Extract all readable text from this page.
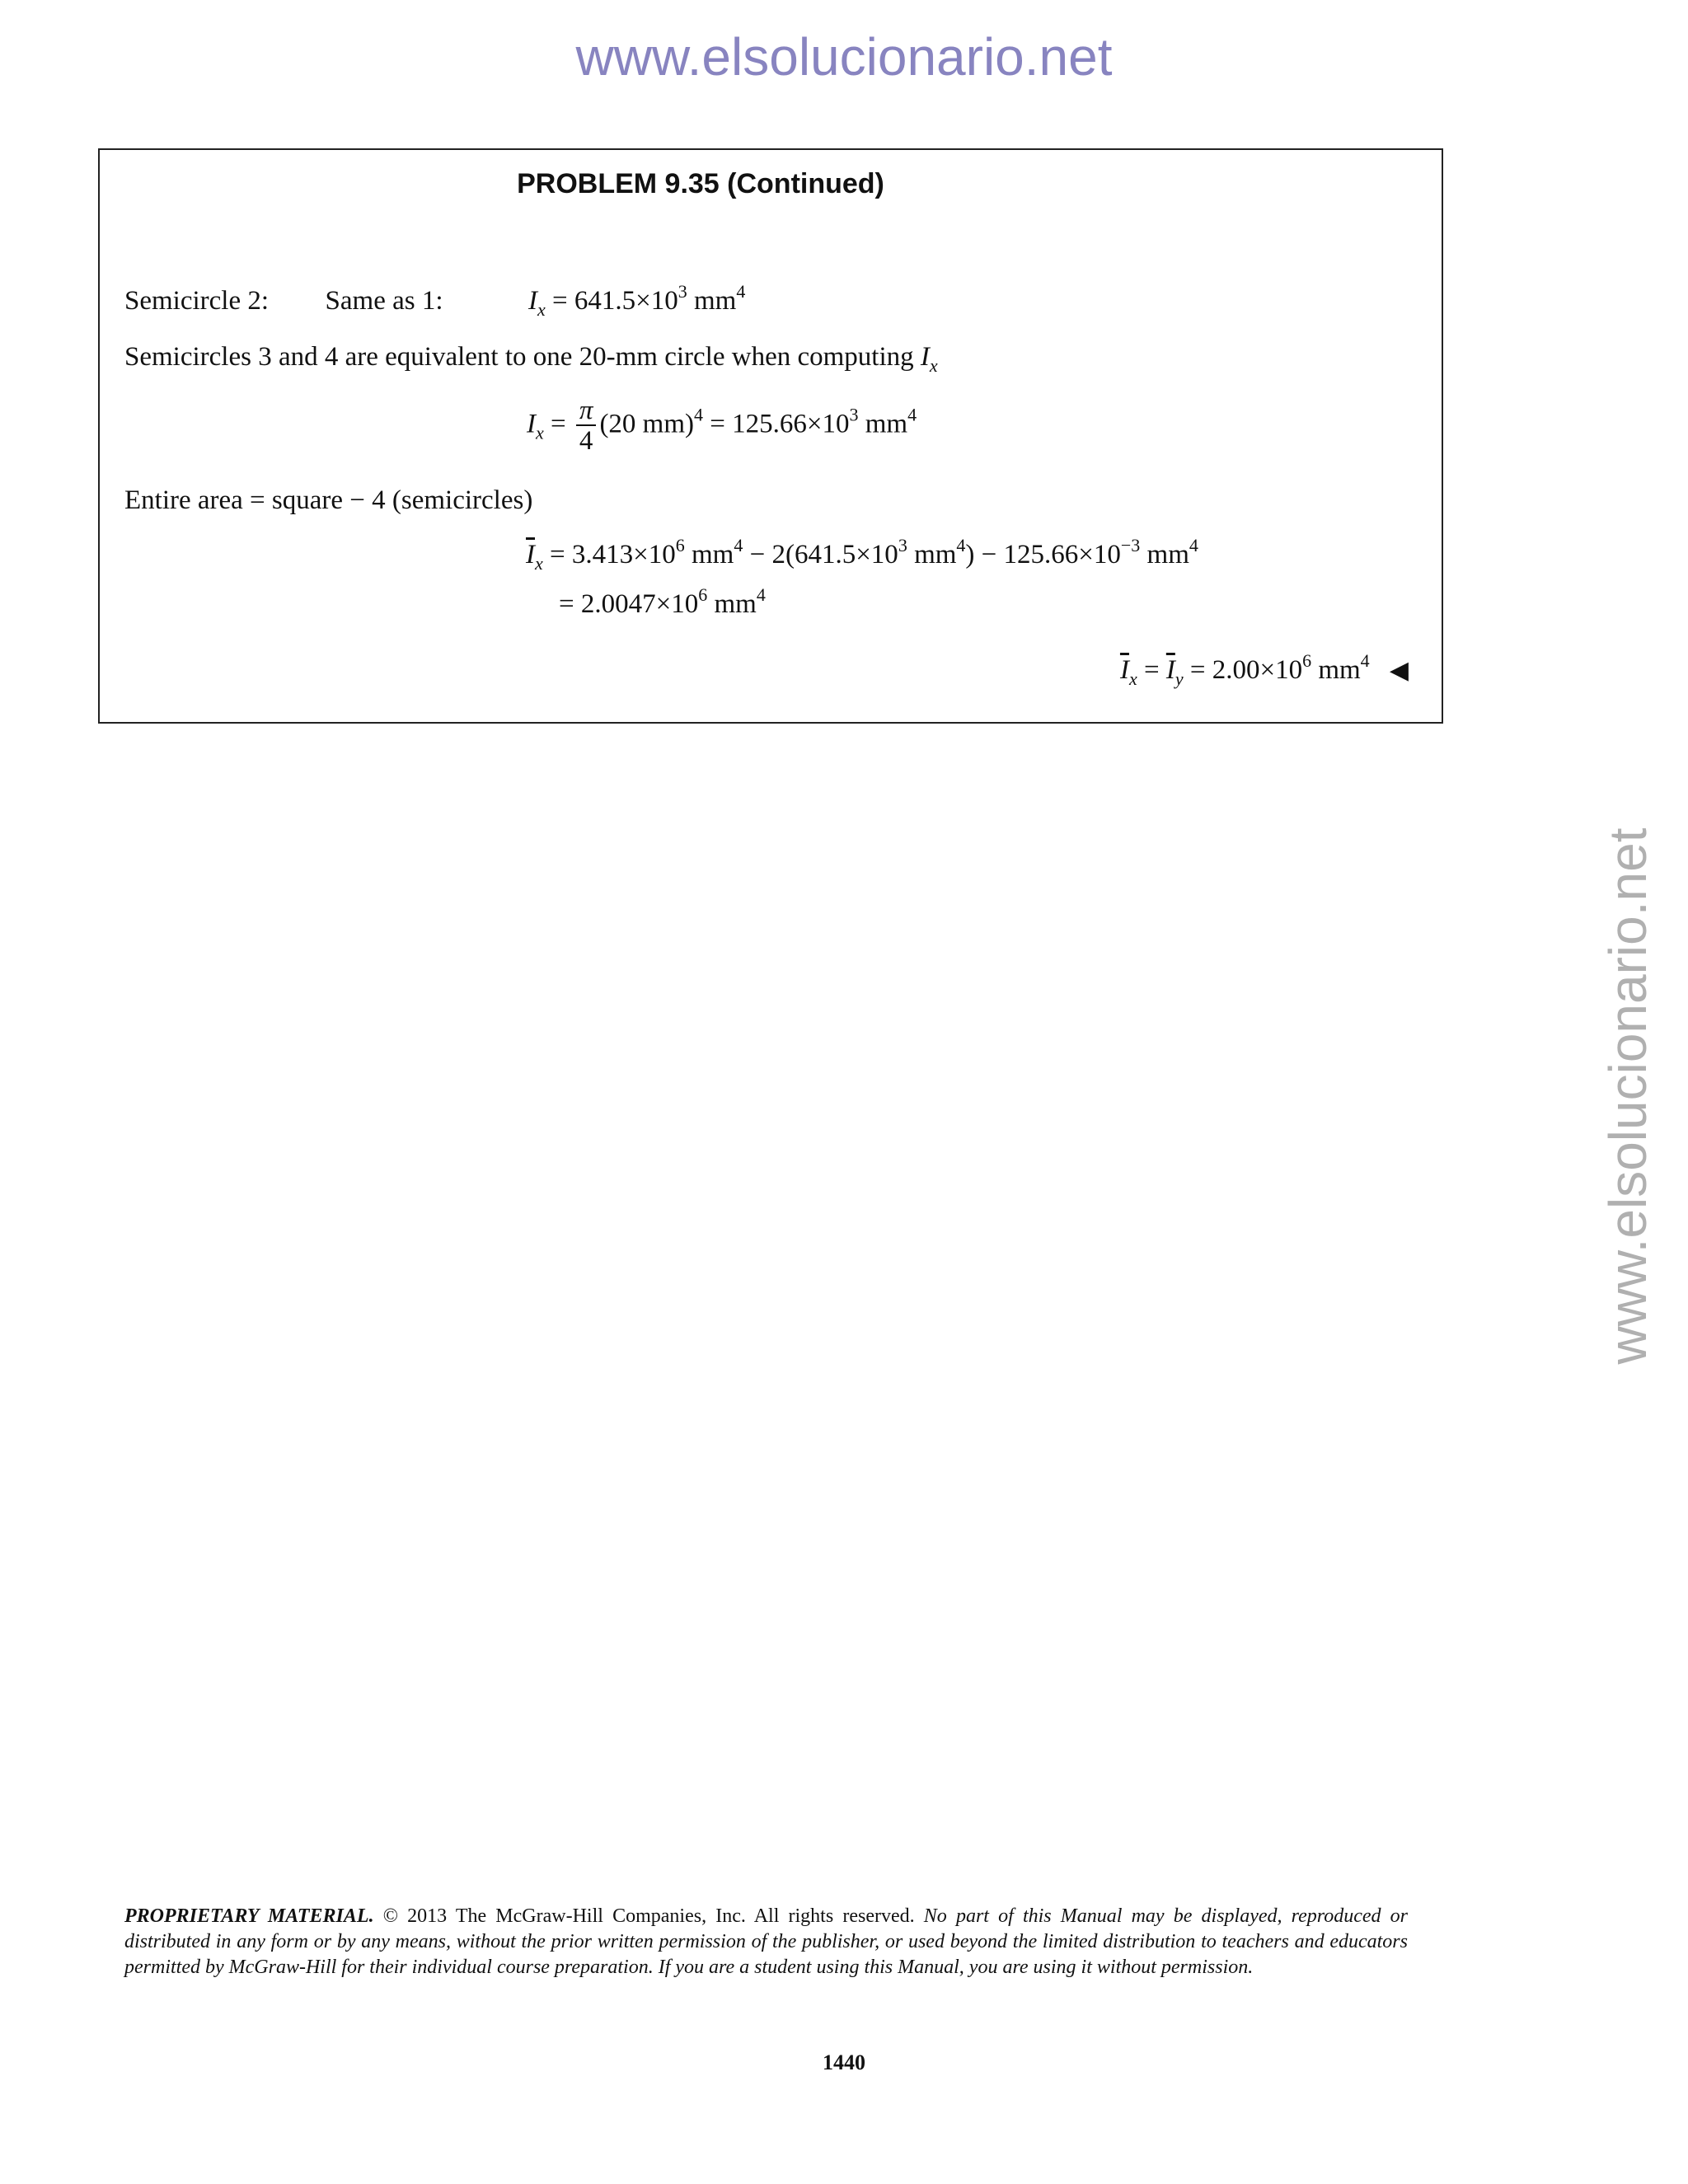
www.elsolucionario.net
www.elsolucionario.net
PROBLEM 9.35 (Continued)
Semicircle 2: Same as 1:	$I_x = 641.5\times 10^3$ $mm^4$
Semicircles 3 and 4 are equivalent to one 20-mm circle when computing $I_x$
$I_x = \frac{\pi}{4} (20$ $mm)^4 = 125.66\times 10^3$ $mm^4$
Entire area = square − 4 (semicircles)
$\overline{I}_x = 3.413\times 10^6$ $mm^4 - 2(641.5\times 10^3$ $mm^4) - 125.66\times 10^{-3}$ $mm^4$
= $2.0047\times 10^6$ $mm^4$
$\overline{I}_x = \overline{I}_y = 2.00\times 10^6$ $mm^4$ ◀
PROPRIETARY MATERIAL. © 2013 The McGraw-Hill Companies, Inc. All rights reserved. No part of this Manual may be displayed, reproduced or distributed in any form or by any means, without the prior written permission of the publisher, or used beyond the limited distribution to teachers and educators permitted by McGraw-Hill for their individual course preparation. If you are a student using this Manual, you are using it without permission.
1440
